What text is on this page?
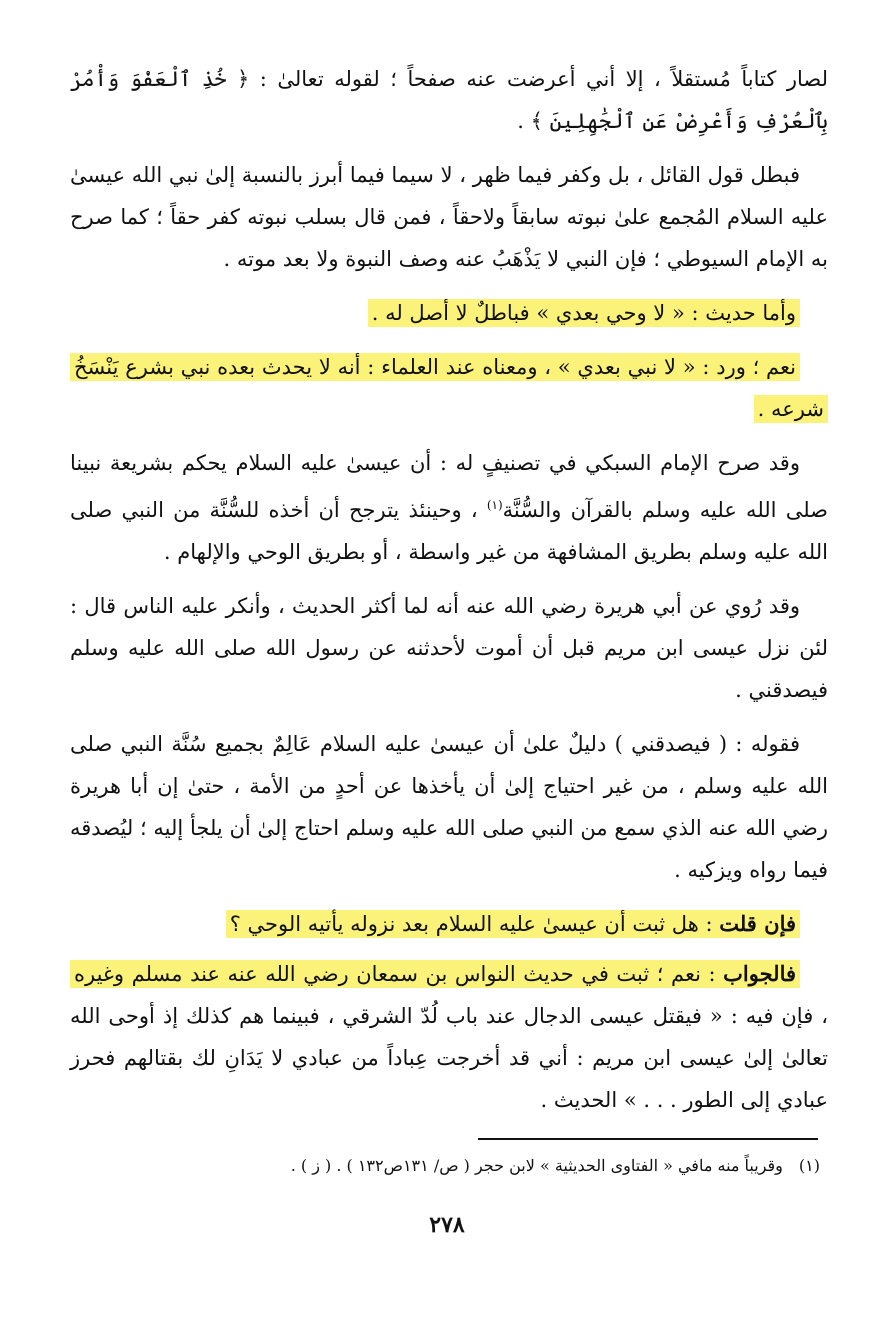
لصار كتاباً مُستقلاً ، إلا أني أعرضت عنه صفحاً ؛ لقوله تعالىٰ : ﴿ خُذِ ٱلْعَفْوَ وَأْمُرْ بِٱلْعُرْفِ وَأَعْرِضْ عَنِ ٱلْجَٰهِلِينَ ﴾ .

فبطل قول القائل ، بل وكفر فيما ظهر ، لا سيما فيما أبرز بالنسبة إلىٰ نبي الله عيسىٰ عليه السلام المُجمع علىٰ نبوته سابقاً ولاحقاً ، فمن قال بسلب نبوته كفر حقاً ؛ كما صرح به الإمام السيوطي ؛ فإن النبي لا يَذْهَبُ عنه وصف النبوة ولا بعد موته .

وأما حديث : « لا وحي بعدي » فباطلٌ لا أصل له .

نعم ؛ ورد : « لا نبي بعدي » ، ومعناه عند العلماء : أنه لا يحدث بعده نبي بشرع يَنْسَخُ شرعه .

وقد صرح الإمام السبكي في تصنيفٍ له : أن عيسىٰ عليه السلام يحكم بشريعة نبينا صلى الله عليه وسلم بالقرآن والسُّنَّة$^{(١)}$ ، وحينئذ يترجح أن أخذه للسُّنَّة من النبي صلى الله عليه وسلم بطريق المشافهة من غير واسطة ، أو بطريق الوحي والإلهام .

وقد رُوي عن أبي هريرة رضي الله عنه أنه لما أكثر الحديث ، وأنكر عليه الناس قال : لئن نزل عيسى ابن مريم قبل أن أموت لأحدثنه عن رسول الله صلى الله عليه وسلم فيصدقني .

فقوله : ( فيصدقني ) دليلٌ علىٰ أن عيسىٰ عليه السلام عَالِمٌ بجميع سُنَّة النبي صلى الله عليه وسلم ، من غير احتياج إلىٰ أن يأخذها عن أحدٍ من الأمة ، حتىٰ إن أبا هريرة رضي الله عنه الذي سمع من النبي صلى الله عليه وسلم احتاج إلىٰ أن يلجأ إليه ؛ ليُصدقه فيما رواه ويزكيه .

فإن قلت : هل ثبت أن عيسىٰ عليه السلام بعد نزوله يأتيه الوحي ؟

فالجواب : نعم ؛ ثبت في حديث النواس بن سمعان رضي الله عنه عند مسلم وغيره ، فإن فيه : « فيقتل عيسى الدجال عند باب لُدّ الشرقي ، فبينما هم كذلك إذ أوحى الله تعالىٰ إلىٰ عيسى ابن مريم : أني قد أخرجت عِباداً من عبادي لا يَدَانِ لك بقتالهم فحرز عبادي إلى الطور . . . » الحديث .

(١)وقريباً منه مافي « الفتاوى الحديثية » لابن حجر ( ص/ ١٣١ص١٣٢ ) . ( ز ) .
٢٧٨
